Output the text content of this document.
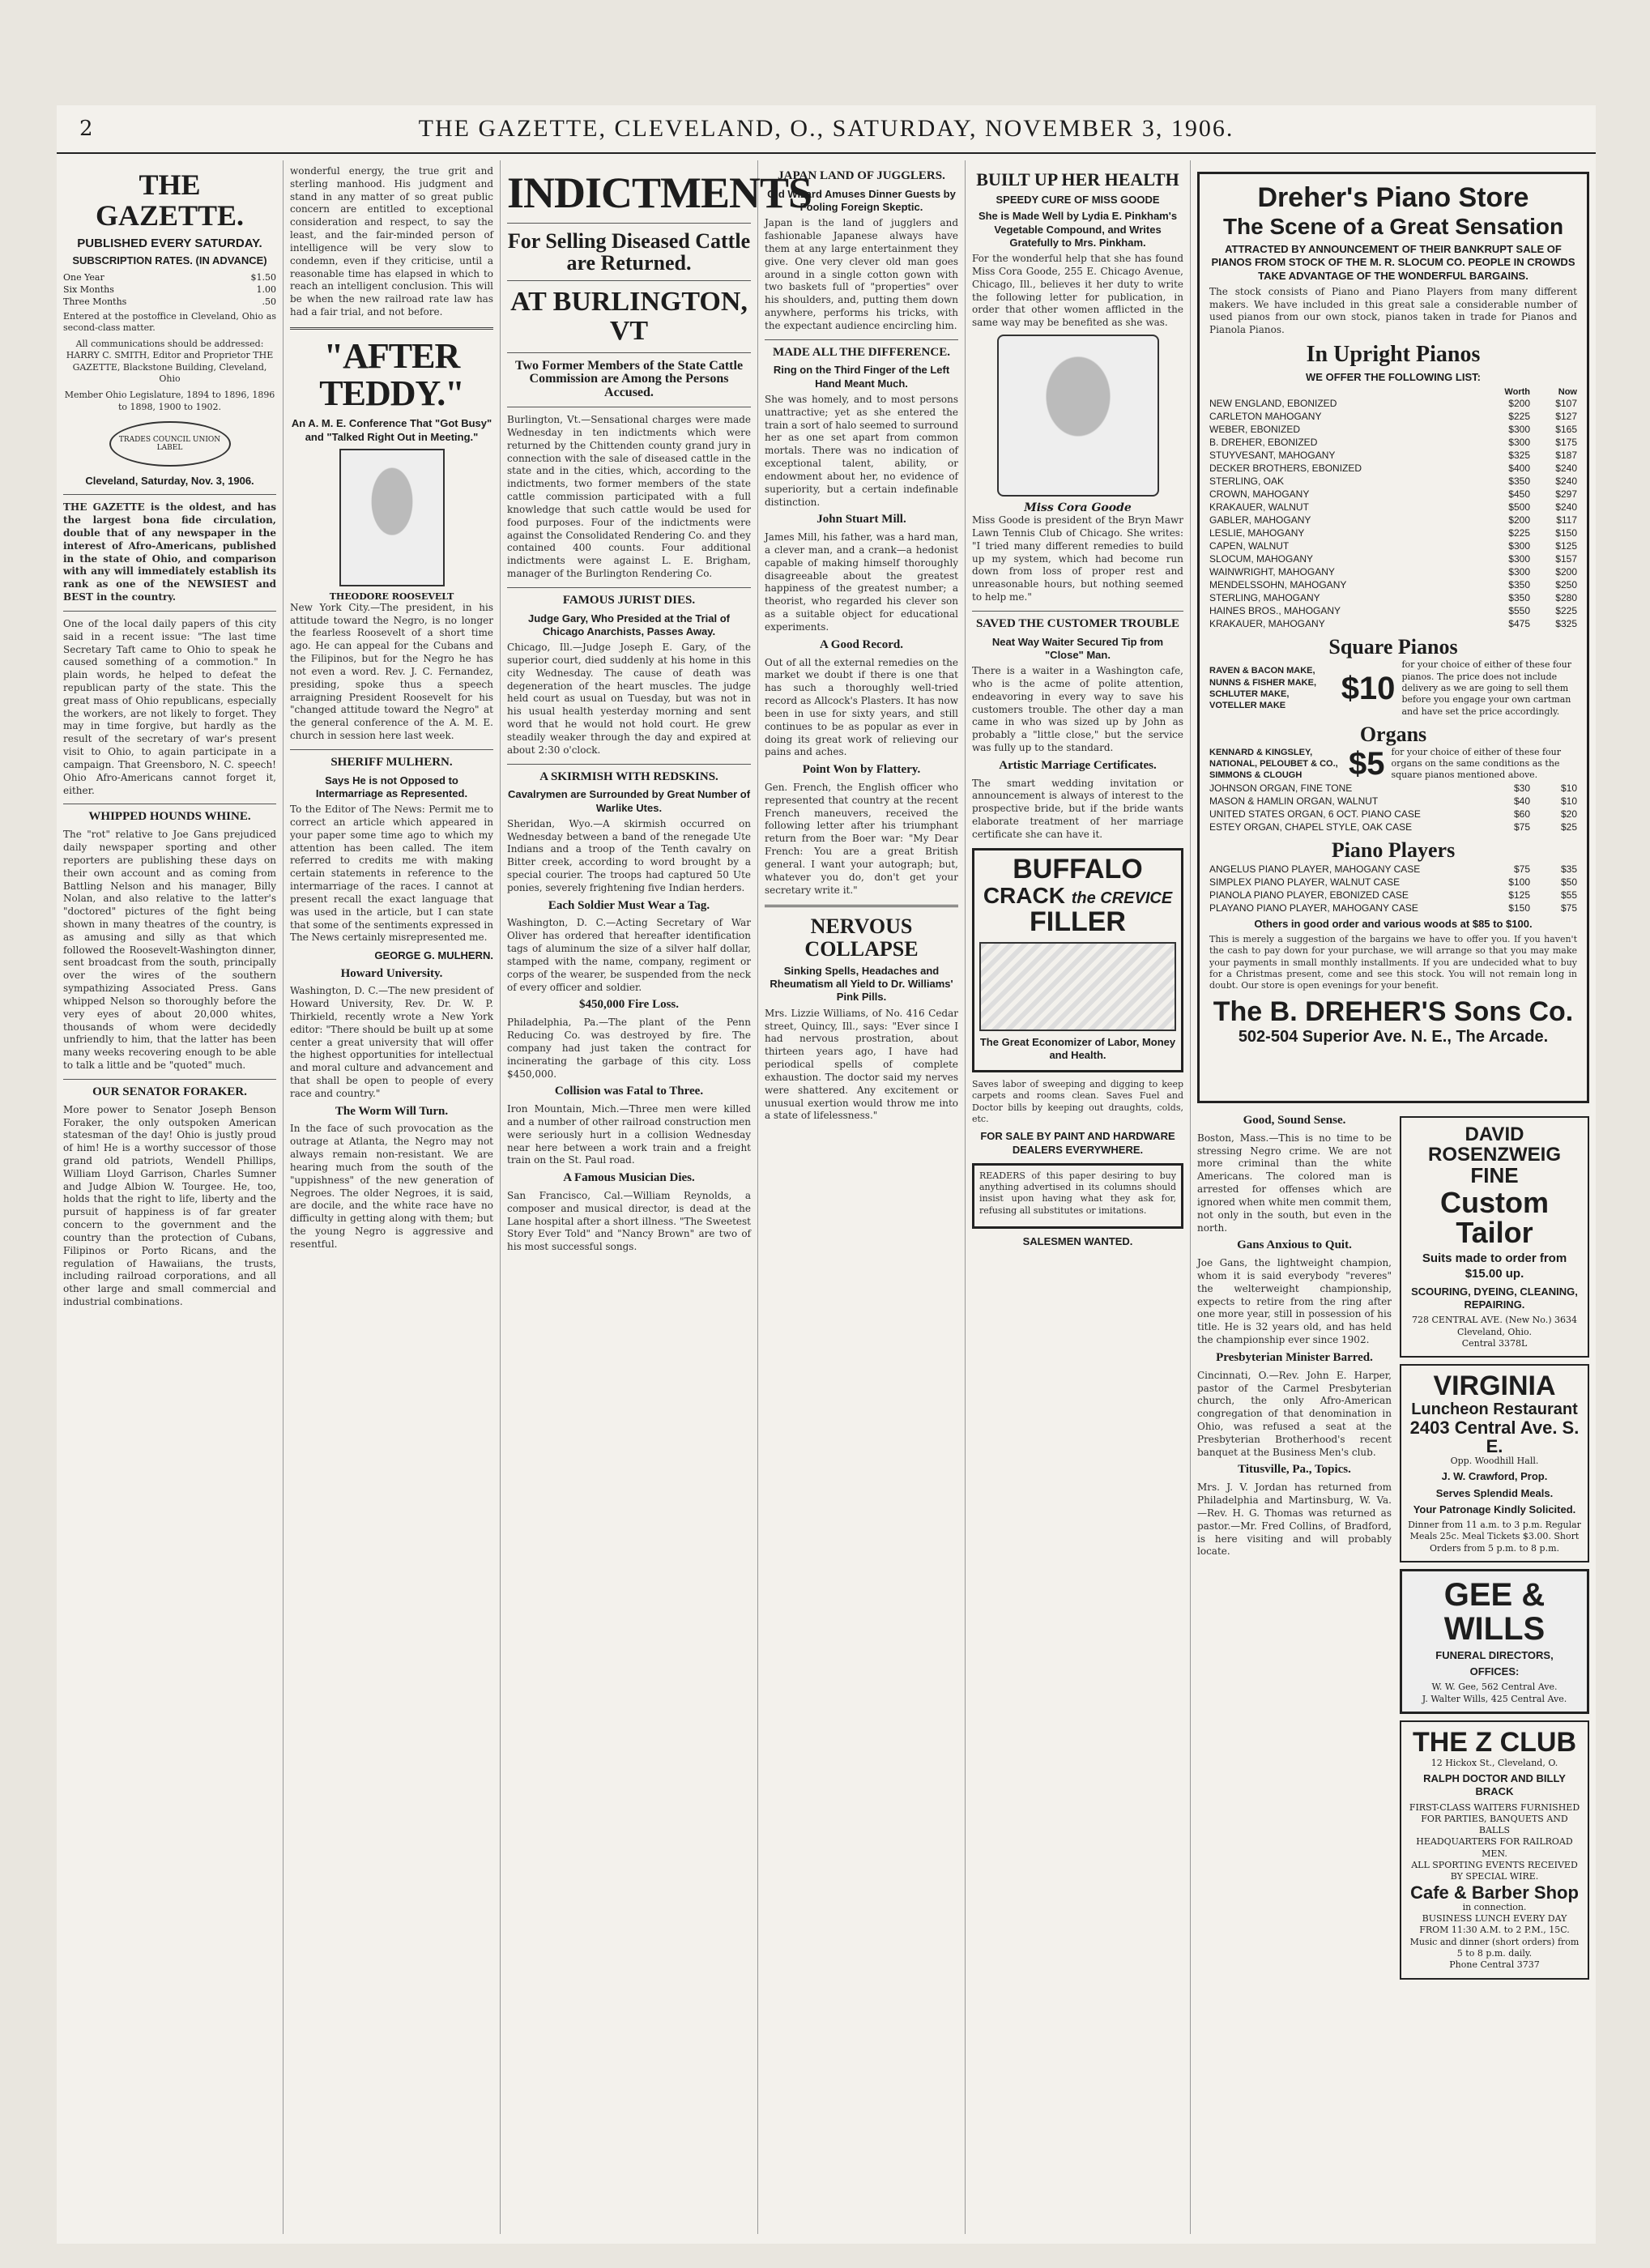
2	THE GAZETTE, CLEVELAND, O., SATURDAY, NOVEMBER 3, 1906.
THE GAZETTE.
PUBLISHED EVERY SATURDAY.
SUBSCRIPTION RATES. (IN ADVANCE)
One Year	$1.50
Six Months	1.00
Three Months	.50
Entered at the postoffice in Cleveland, Ohio as second-class matter.
All communications should be addressed: HARRY C. SMITH, Editor and Proprietor THE GAZETTE, Blackstone Building, Cleveland, Ohio
Member Ohio Legislature, 1894 to 1896, 1896 to 1898, 1900 to 1902.
TRADES COUNCIL UNION LABEL
Cleveland, Saturday, Nov. 3, 1906.
THE GAZETTE is the oldest, and has the largest bona fide circulation, double that of any newspaper in the interest of Afro-Americans, published in the state of Ohio, and comparison with any will immediately establish its rank as one of the NEWSIEST and BEST in the country.
One of the local daily papers of this city said in a recent issue: "The last time Secretary Taft came to Ohio to speak he caused something of a commotion." In plain words, he helped to defeat the republican party of the state. This the great mass of Ohio republicans, especially the workers, are not likely to forget. They may in time forgive, but hardly as the result of the secretary of war's present visit to Ohio, to again participate in a campaign. That Greensboro, N. C. speech! Ohio Afro-Americans cannot forget it, either.
WHIPPED HOUNDS WHINE.
The "rot" relative to Joe Gans prejudiced daily newspaper sporting and other reporters are publishing these days on their own account and as coming from Battling Nelson and his manager, Billy Nolan, and also relative to the latter's "doctored" pictures of the fight being shown in many theatres of the country, is as amusing and silly as that which followed the Roosevelt-Washington dinner, sent broadcast from the south, principally over the wires of the southern sympathizing Associated Press. Gans whipped Nelson so thoroughly before the very eyes of about 20,000 whites, thousands of whom were decidedly unfriendly to him, that the latter has been many weeks recovering enough to be able to talk a little and be "quoted" much.
OUR SENATOR FORAKER.
More power to Senator Joseph Benson Foraker, the only outspoken American statesman of the day! Ohio is justly proud of him! He is a worthy successor of those grand old patriots, Wendell Phillips, William Lloyd Garrison, Charles Sumner and Judge Albion W. Tourgee. He, too, holds that the right to life, liberty and the pursuit of happiness is of far greater concern to the government and the country than the protection of Cubans, Filipinos or Porto Ricans, and the regulation of Hawaiians, the trusts, including railroad corporations, and all other large and small commercial and industrial combinations.
wonderful energy, the true grit and sterling manhood. His judgment and stand in any matter of so great public concern are entitled to exceptional consideration and respect, to say the least, and the fair-minded person of intelligence will be very slow to condemn, even if they criticise, until a reasonable time has elapsed in which to reach an intelligent conclusion. This will be when the new railroad rate law has had a fair trial, and not before.
"AFTER TEDDY."
An A. M. E. Conference That "Got Busy" and "Talked Right Out in Meeting."
THEODORE ROOSEVELT
New York City.—The president, in his attitude toward the Negro, is no longer the fearless Roosevelt of a short time ago. He can appeal for the Cubans and the Filipinos, but for the Negro he has not even a word. Rev. J. C. Fernandez, presiding, spoke thus a speech arraigning President Roosevelt for his "changed attitude toward the Negro" at the general conference of the A. M. E. church in session here last week.
SHERIFF MULHERN.
Says He is not Opposed to Intermarriage as Represented.
To the Editor of The News: Permit me to correct an article which appeared in your paper some time ago to which my attention has been called. The item referred to credits me with making certain statements in reference to the intermarriage of the races. I cannot at present recall the exact language that was used in the article, but I can state that some of the sentiments expressed in The News certainly misrepresented me.
GEORGE G. MULHERN.
Howard University.
Washington, D. C.—The new president of Howard University, Rev. Dr. W. P. Thirkield, recently wrote a New York editor: "There should be built up at some center a great university that will offer the highest opportunities for intellectual and moral culture and advancement and that shall be open to people of every race and country."
The Worm Will Turn.
In the face of such provocation as the outrage at Atlanta, the Negro may not always remain non-resistant. We are hearing much from the south of the "uppishness" of the new generation of Negroes. The older Negroes, it is said, are docile, and the white race have no difficulty in getting along with them; but the young Negro is aggressive and resentful.
INDICTMENTS
For Selling Diseased Cattle are Returned.
AT BURLINGTON, VT
Two Former Members of the State Cattle Commission are Among the Persons Accused.
Burlington, Vt.—Sensational charges were made Wednesday in ten indictments which were returned by the Chittenden county grand jury in connection with the sale of diseased cattle in the state and in the cities, which, according to the indictments, two former members of the state cattle commission participated with a full knowledge that such cattle would be used for food purposes. Four of the indictments were against the Consolidated Rendering Co. and they contained 400 counts. Four additional indictments were against L. E. Brigham, manager of the Burlington Rendering Co.
FAMOUS JURIST DIES.
Judge Gary, Who Presided at the Trial of Chicago Anarchists, Passes Away.
Chicago, Ill.—Judge Joseph E. Gary, of the superior court, died suddenly at his home in this city Wednesday. The cause of death was degeneration of the heart muscles. The judge held court as usual on Tuesday, but was not in his usual health yesterday morning and sent word that he would not hold court. He grew steadily weaker through the day and expired at about 2:30 o'clock.
A SKIRMISH WITH REDSKINS.
Cavalrymen are Surrounded by Great Number of Warlike Utes.
Sheridan, Wyo.—A skirmish occurred on Wednesday between a band of the renegade Ute Indians and a troop of the Tenth cavalry on Bitter creek, according to word brought by a special courier. The troops had captured 50 Ute ponies, severely frightening five Indian herders.
Each Soldier Must Wear a Tag.
Washington, D. C.—Acting Secretary of War Oliver has ordered that hereafter identification tags of aluminum the size of a silver half dollar, stamped with the name, company, regiment or corps of the wearer, be suspended from the neck of every officer and soldier.
$450,000 Fire Loss.
Philadelphia, Pa.—The plant of the Penn Reducing Co. was destroyed by fire. The company had just taken the contract for incinerating the garbage of this city. Loss $450,000.
Collision was Fatal to Three.
Iron Mountain, Mich.—Three men were killed and a number of other railroad construction men were seriously hurt in a collision Wednesday near here between a work train and a freight train on the St. Paul road.
A Famous Musician Dies.
San Francisco, Cal.—William Reynolds, a composer and musical director, is dead at the Lane hospital after a short illness. "The Sweetest Story Ever Told" and "Nancy Brown" are two of his most successful songs.
JAPAN LAND OF JUGGLERS.
Old Wizard Amuses Dinner Guests by Fooling Foreign Skeptic.
Japan is the land of jugglers and fashionable Japanese always have them at any large entertainment they give. One very clever old man goes around in a single cotton gown with two baskets full of "properties" over his shoulders, and, putting them down anywhere, performs his tricks, with the expectant audience encircling him.
MADE ALL THE DIFFERENCE.
Ring on the Third Finger of the Left Hand Meant Much.
She was homely, and to most persons unattractive; yet as she entered the train a sort of halo seemed to surround her as one set apart from common mortals. There was no indication of exceptional talent, ability, or endowment about her, no evidence of superiority, but a certain indefinable distinction.
John Stuart Mill.
James Mill, his father, was a hard man, a clever man, and a crank—a hedonist capable of making himself thoroughly disagreeable about the greatest happiness of the greatest number; a theorist, who regarded his clever son as a suitable object for educational experiments.
A Good Record.
Out of all the external remedies on the market we doubt if there is one that has such a thoroughly well-tried record as Allcock's Plasters. It has now been in use for sixty years, and still continues to be as popular as ever in doing its great work of relieving our pains and aches.
Point Won by Flattery.
Gen. French, the English officer who represented that country at the recent French maneuvers, received the following letter after his triumphant return from the Boer war: "My Dear French: You are a great British general. I want your autograph; but, whatever you do, don't get your secretary write it."
NERVOUS COLLAPSE
Sinking Spells, Headaches and Rheumatism all Yield to Dr. Williams' Pink Pills.
Mrs. Lizzie Williams, of No. 416 Cedar street, Quincy, Ill., says: "Ever since I had nervous prostration, about thirteen years ago, I have had periodical spells of complete exhaustion. The doctor said my nerves were shattered. Any excitement or unusual exertion would throw me into a state of lifelessness."
BUILT UP HER HEALTH
SPEEDY CURE OF MISS GOODE
She is Made Well by Lydia E. Pinkham's Vegetable Compound, and Writes Gratefully to Mrs. Pinkham.
For the wonderful help that she has found Miss Cora Goode, 255 E. Chicago Avenue, Chicago, Ill., believes it her duty to write the following letter for publication, in order that other women afflicted in the same way may be benefited as she was.
Miss Cora Goode
Miss Goode is president of the Bryn Mawr Lawn Tennis Club of Chicago. She writes: "I tried many different remedies to build up my system, which had become run down from loss of proper rest and unreasonable hours, but nothing seemed to help me."
SAVED THE CUSTOMER TROUBLE
Neat Way Waiter Secured Tip from "Close" Man.
There is a waiter in a Washington cafe, who is the acme of polite attention, endeavoring in every way to save his customers trouble. The other day a man came in who was sized up by John as probably a "little close," but the service was fully up to the standard.
Artistic Marriage Certificates.
The smart wedding invitation or announcement is always of interest to the prospective bride, but if the bride wants elaborate treatment of her marriage certificate she can have it.
BUFFALO
CRACK the CREVICE
FILLER
The Great Economizer of Labor, Money and Health.
Saves labor of sweeping and digging to keep carpets and rooms clean. Saves Fuel and Doctor bills by keeping out draughts, colds, etc.
FOR SALE BY PAINT AND HARDWARE DEALERS EVERYWHERE.
READERS of this paper desiring to buy anything advertised in its columns should insist upon having what they ask for, refusing all substitutes or imitations.
SALESMEN WANTED.
Dreher's Piano Store
The Scene of a Great Sensation
ATTRACTED BY ANNOUNCEMENT OF THEIR BANKRUPT SALE OF PIANOS FROM STOCK OF THE M. R. SLOCUM CO. PEOPLE IN CROWDS TAKE ADVANTAGE OF THE WONDERFUL BARGAINS.
The stock consists of Piano and Piano Players from many different makers. We have included in this great sale a considerable number of used pianos from our own stock, pianos taken in trade for Pianos and Pianola Pianos.
In Upright Pianos
WE OFFER THE FOLLOWING LIST:
	Worth	Now
NEW ENGLAND, EBONIZED	$200	$107
CARLETON MAHOGANY	$225	$127
WEBER, EBONIZED	$300	$165
B. DREHER, EBONIZED	$300	$175
STUYVESANT, MAHOGANY	$325	$187
DECKER BROTHERS, EBONIZED	$400	$240
STERLING, OAK	$350	$240
CROWN, MAHOGANY	$450	$297
KRAKAUER, WALNUT	$500	$240
GABLER, MAHOGANY	$200	$117
LESLIE, MAHOGANY	$225	$150
CAPEN, WALNUT	$300	$125
SLOCUM, MAHOGANY	$300	$157
WAINWRIGHT, MAHOGANY	$300	$200
MENDELSSOHN, MAHOGANY	$350	$250
STERLING, MAHOGANY	$350	$280
HAINES BROS., MAHOGANY	$550	$225
KRAKAUER, MAHOGANY	$475	$325
Square Pianos
RAVEN & BACON MAKE, NUNNS & FISHER MAKE, SCHLUTER MAKE, VOTELLER MAKE	$10
for your choice of either of these four pianos. The price does not include delivery as we are going to sell them before you engage your own cartman and have set the price accordingly.
Organs
KENNARD & KINGSLEY, NATIONAL, PELOUBET & CO., SIMMONS & CLOUGH	$5 for your choice of either of these four organs on the same conditions as the square pianos mentioned above.
JOHNSON ORGAN, FINE TONE	$30	$10
MASON & HAMLIN ORGAN, WALNUT	$40	$10
UNITED STATES ORGAN, 6 OCT. PIANO CASE	$60	$20
ESTEY ORGAN, CHAPEL STYLE, OAK CASE	$75	$25
Piano Players
ANGELUS PIANO PLAYER, MAHOGANY CASE	$75	$35
SIMPLEX PIANO PLAYER, WALNUT CASE	$100	$50
PIANOLA PIANO PLAYER, EBONIZED CASE	$125	$55
PLAYANO PIANO PLAYER, MAHOGANY CASE	$150	$75
Others in good order and various woods at $85 to $100.
This is merely a suggestion of the bargains we have to offer you. If you haven't the cash to pay down for your purchase, we will arrange so that you may make your payments in small monthly installments. If you are undecided what to buy for a Christmas present, come and see this stock. You will not remain long in doubt. Our store is open evenings for your benefit.
The B. DREHER'S Sons Co.
502-504 Superior Ave. N. E., The Arcade.
Good, Sound Sense.
Boston, Mass.—This is no time to be stressing Negro crime. We are not more criminal than the white Americans. The colored man is arrested for offenses which are ignored when white men commit them, not only in the south, but even in the north.
Gans Anxious to Quit.
Joe Gans, the lightweight champion, whom it is said everybody "reveres" the welterweight championship, expects to retire from the ring after one more year, still in possession of his title. He is 32 years old, and has held the championship ever since 1902.
Presbyterian Minister Barred.
Cincinnati, O.—Rev. John E. Harper, pastor of the Carmel Presbyterian church, the only Afro-American congregation of that denomination in Ohio, was refused a seat at the Presbyterian Brotherhood's recent banquet at the Business Men's club.
Titusville, Pa., Topics.
Mrs. J. V. Jordan has returned from Philadelphia and Martinsburg, W. Va. —Rev. H. G. Thomas was returned as pastor.—Mr. Fred Collins, of Bradford, is here visiting and will probably locate.
DAVID ROSENZWEIG
FINE
Custom Tailor
Suits made to order from $15.00 up.
SCOURING, DYEING, CLEANING, REPAIRING.
728 CENTRAL AVE. (New No.) 3634
Cleveland, Ohio.
Central 3378L
VIRGINIA
Luncheon Restaurant
2403 Central Ave. S. E.
Opp. Woodhill Hall.
J. W. Crawford, Prop.
Serves Splendid Meals.
Your Patronage Kindly Solicited.
Dinner from 11 a.m. to 3 p.m. Regular Meals 25c. Meal Tickets $3.00. Short Orders from 5 p.m. to 8 p.m.
GEE &
WILLS
FUNERAL DIRECTORS,
OFFICES:
W. W. Gee, 562 Central Ave.
J. Walter Wills, 425 Central Ave.
THE Z CLUB
12 Hickox St., Cleveland, O.
RALPH DOCTOR AND BILLY BRACK
FIRST-CLASS WAITERS FURNISHED FOR PARTIES, BANQUETS AND BALLS
HEADQUARTERS FOR RAILROAD MEN.
ALL SPORTING EVENTS RECEIVED BY SPECIAL WIRE.
Cafe & Barber Shop
in connection.
BUSINESS LUNCH EVERY DAY FROM 11:30 A.M. to 2 P.M., 15C.
Music and dinner (short orders) from 5 to 8 p.m. daily.
Phone Central 3737
